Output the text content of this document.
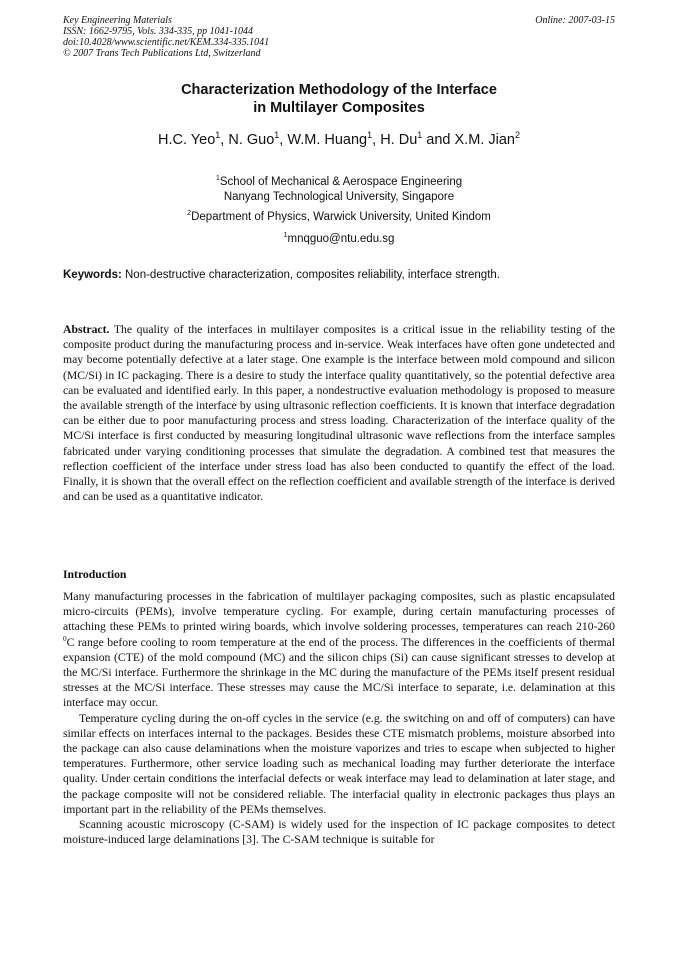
Key Engineering Materials
ISSN: 1662-9795, Vols. 334-335, pp 1041-1044
doi:10.4028/www.scientific.net/KEM.334-335.1041
© 2007 Trans Tech Publications Ltd, Switzerland
Online: 2007-03-15
Characterization Methodology of the Interface
in Multilayer Composites
H.C. Yeo$^1$, N. Guo$^1$, W.M. Huang$^1$, H. Du$^1$ and X.M. Jian$^2$
$^1$School of Mechanical & Aerospace Engineering
Nanyang Technological University, Singapore
$^2$Department of Physics, Warwick University, United Kindom
$^1$mnqguo@ntu.edu.sg
Keywords: Non-destructive characterization, composites reliability, interface strength.
Abstract. The quality of the interfaces in multilayer composites is a critical issue in the reliability testing of the composite product during the manufacturing process and in-service. Weak interfaces have often gone undetected and may become potentially defective at a later stage. One example is the interface between mold compound and silicon (MC/Si) in IC packaging. There is a desire to study the interface quality quantitatively, so the potential defective area can be evaluated and identified early. In this paper, a nondestructive evaluation methodology is proposed to measure the available strength of the interface by using ultrasonic reflection coefficients. It is known that interface degradation can be either due to poor manufacturing process and stress loading. Characterization of the interface quality of the MC/Si interface is first conducted by measuring longitudinal ultrasonic wave reflections from the interface samples fabricated under varying conditioning processes that simulate the degradation. A combined test that measures the reflection coefficient of the interface under stress load has also been conducted to quantify the effect of the load. Finally, it is shown that the overall effect on the reflection coefficient and available strength of the interface is derived and can be used as a quantitative indicator.
Introduction

Many manufacturing processes in the fabrication of multilayer packaging composites, such as plastic encapsulated micro-circuits (PEMs), involve temperature cycling. For example, during certain manufacturing processes of attaching these PEMs to printed wiring boards, which involve soldering processes, temperatures can reach 210-260 $^0$C range before cooling to room temperature at the end of the process. The differences in the coefficients of thermal expansion (CTE) of the mold compound (MC) and the silicon chips (Si) can cause significant stresses to develop at the MC/Si interface. Furthermore the shrinkage in the MC during the manufacture of the PEMs itself present residual stresses at the MC/Si interface. These stresses may cause the MC/Si interface to separate, i.e. delamination at this interface may occur.

Temperature cycling during the on-off cycles in the service (e.g. the switching on and off of computers) can have similar effects on interfaces internal to the packages. Besides these CTE mismatch problems, moisture absorbed into the package can also cause delaminations when the moisture vaporizes and tries to escape when subjected to higher temperatures. Furthermore, other service loading such as mechanical loading may further deteriorate the interface quality. Under certain conditions the interfacial defects or weak interface may lead to delamination at later stage, and the package composite will not be considered reliable. The interfacial quality in electronic packages thus plays an important part in the reliability of the PEMs themselves.

Scanning acoustic microscopy (C-SAM) is widely used for the inspection of IC package composites to detect moisture-induced large delaminations [3]. The C-SAM technique is suitable for
